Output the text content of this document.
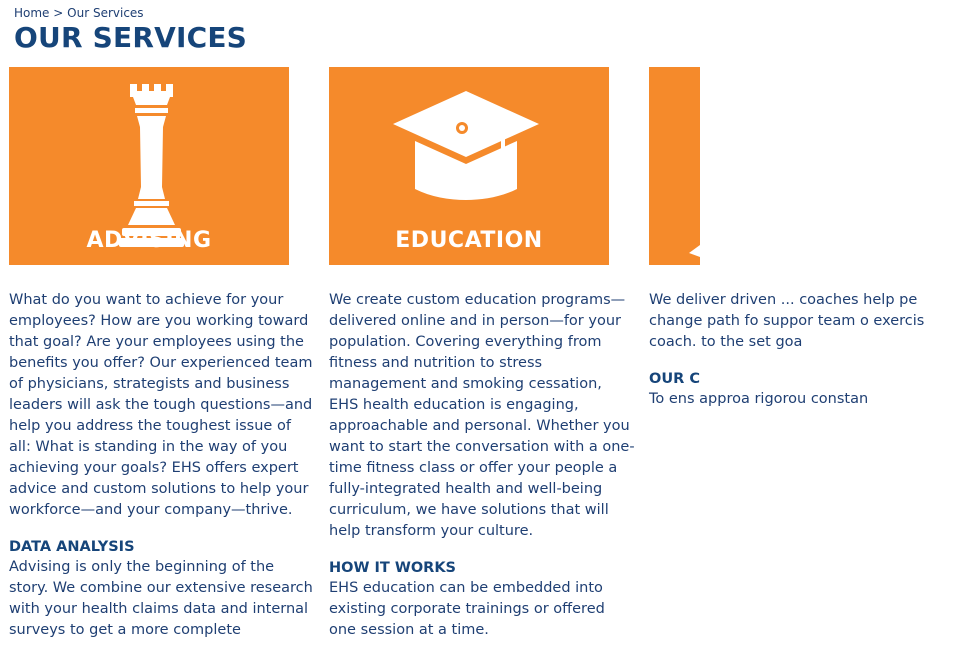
Home > Our Services
OUR SERVICES
ADVISING

What do you want to achieve for your employees? How are you working toward that goal? Are your employees using the benefits you offer? Our experienced team of physicians, strategists and business leaders will ask the tough questions—and help you address the toughest issue of all: What is standing in the way of you achieving your goals? EHS offers expert advice and custom solutions to help your workforce—and your company—thrive.

DATA ANALYSIS

Advising is only the beginning of the story. We combine our extensive research with your health claims data and internal surveys to get a more complete

EDUCATION

We create custom education programs—delivered online and in person—for your population. Covering everything from fitness and nutrition to stress management and smoking cessation, EHS health education is engaging, approachable and personal. Whether you want to start the conversation with a one-time fitness class or offer your people a fully-integrated health and well-being curriculum, we have solutions that will help transform your culture.

HOW IT WORKS

EHS education can be embedded into existing corporate trainings or offered one session at a time.

We deliver driven ... coaches help pe change path fo suppor team o exercis coach. to the set goa

OUR C

To ens approa rigorou constan
